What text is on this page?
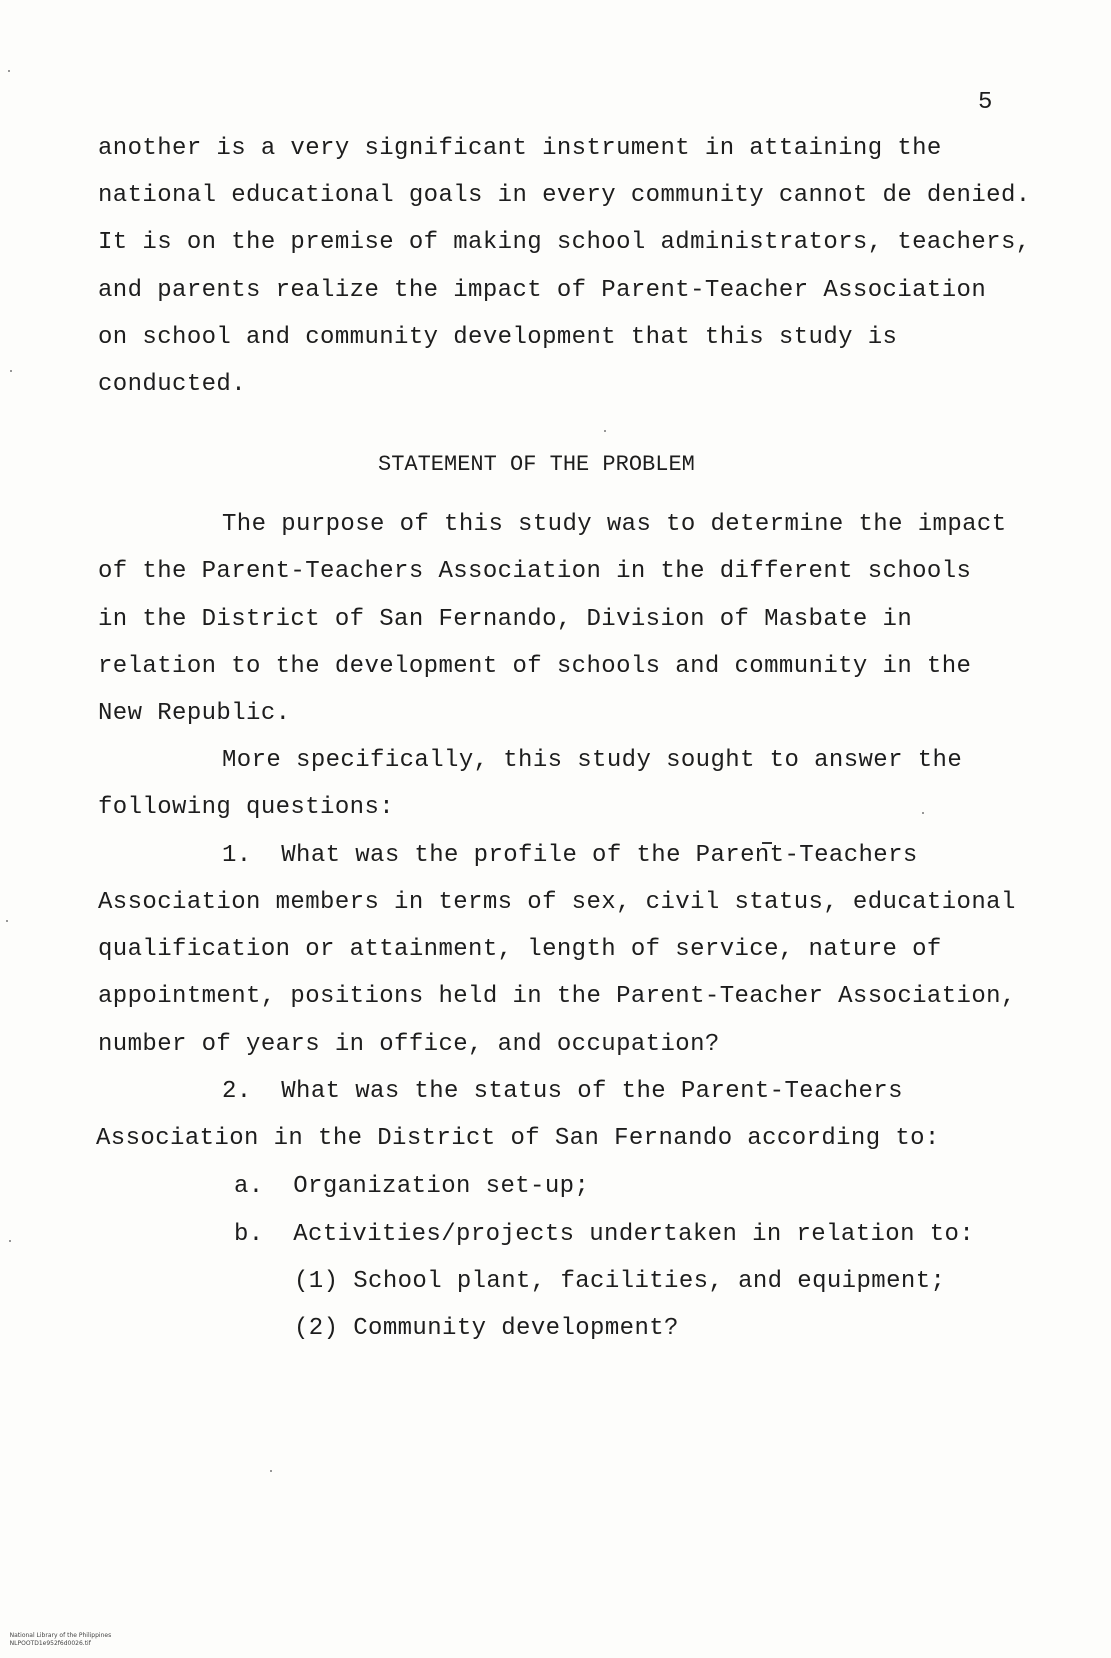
5
another is a very significant instrument in attaining the
national educational goals in every community cannot de denied.
It is on the premise of making school administrators, teachers,
and parents realize the impact of Parent-Teacher Association
on school and community development that this study is
conducted.
STATEMENT OF THE PROBLEM
The purpose of this study was to determine the impact
of the Parent-Teachers Association in the different schools
in the District of San Fernando, Division of Masbate in
relation to the development of schools and community in the
New Republic.
More specifically, this study sought to answer the
following questions:
1.  What was the profile of the Parent-Teachers
Association members in terms of sex, civil status, educational
qualification or attainment, length of service, nature of
appointment, positions held in the Parent-Teacher Association,
number of years in office, and occupation?
2.  What was the status of the Parent-Teachers
Association in the District of San Fernando according to:
a.  Organization set-up;
b.  Activities/projects undertaken in relation to:
(1) School plant, facilities, and equipment;
(2) Community development?

National Library of the Philippines
NLPOOTD1e952f6d0026.tif
